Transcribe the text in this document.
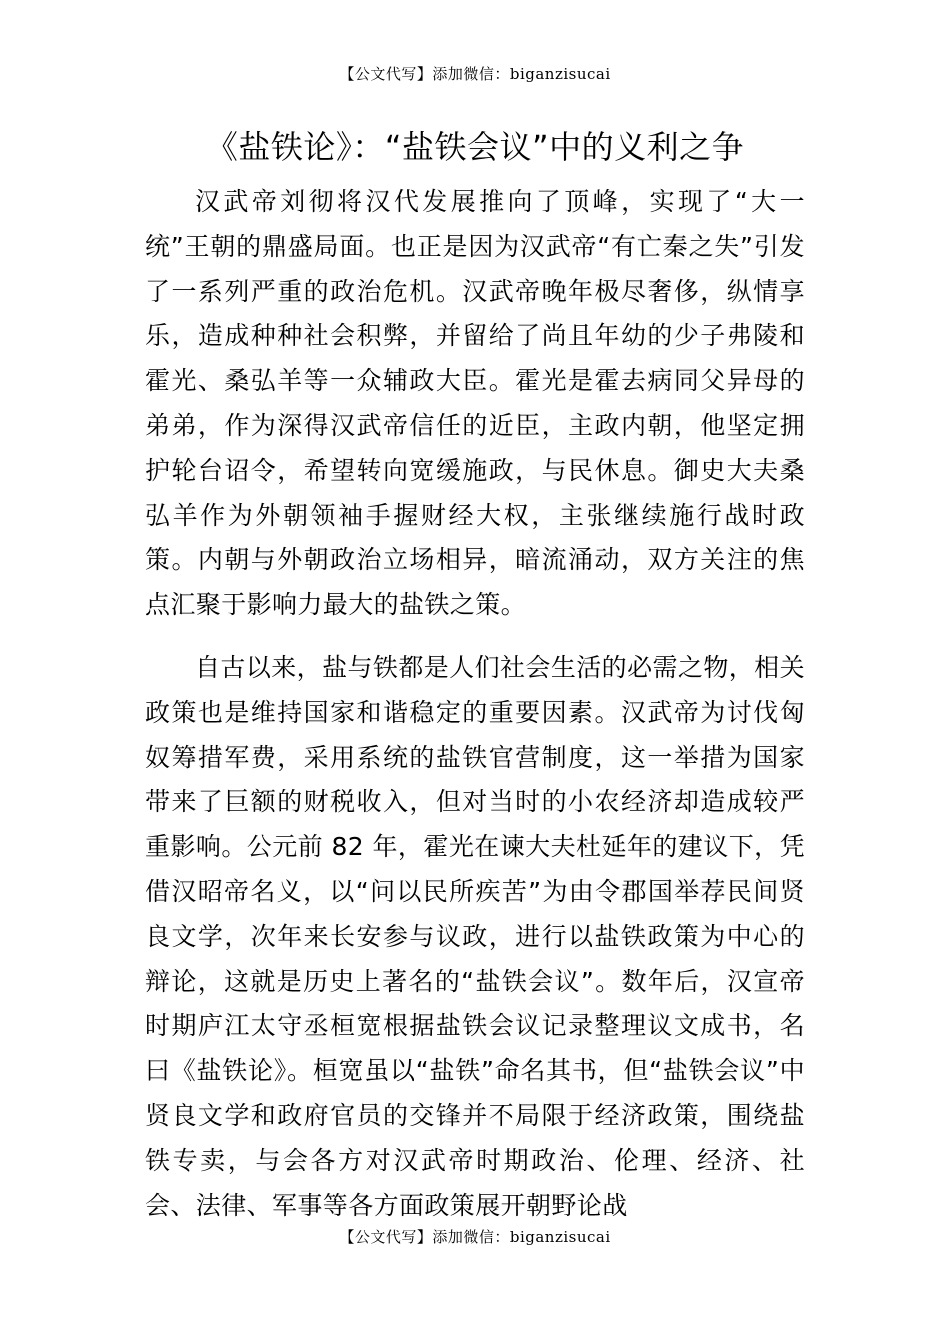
【公文代写】添加微信：biganzisucai
《盐铁论》：“盐铁会议”中的义利之争

汉武帝刘彻将汉代发展推向了顶峰，实现了“大一统”王朝的鼎盛局面。也正是因为汉武帝“有亡秦之失”引发了一系列严重的政治危机。汉武帝晚年极尽奢侈，纵情享乐，造成种种社会积弊，并留给了尚且年幼的少子弗陵和霍光、桑弘羊等一众辅政大臣。霍光是霍去病同父异母的弟弟，作为深得汉武帝信任的近臣，主政内朝，他坚定拥护轮台诏令，希望转向宽缓施政，与民休息。御史大夫桑弘羊作为外朝领袖手握财经大权，主张继续施行战时政策。内朝与外朝政治立场相异，暗流涌动，双方关注的焦点汇聚于影响力最大的盐铁之策。

自古以来，盐与铁都是人们社会生活的必需之物，相关政策也是维持国家和谐稳定的重要因素。汉武帝为讨伐匈奴筹措军费，采用系统的盐铁官营制度，这一举措为国家带来了巨额的财税收入，但对当时的小农经济却造成较严重影响。公元前 82 年，霍光在谏大夫杜延年的建议下，凭借汉昭帝名义，以“问以民所疾苦”为由令郡国举荐民间贤良文学，次年来长安参与议政，进行以盐铁政策为中心的辩论，这就是历史上著名的“盐铁会议”。数年后，汉宣帝时期庐江太守丞桓宽根据盐铁会议记录整理议文成书，名曰《盐铁论》。桓宽虽以“盐铁”命名其书，但“盐铁会议”中贤良文学和政府官员的交锋并不局限于经济政策，围绕盐铁专卖，与会各方对汉武帝时期政治、伦理、经济、社会、法律、军事等各方面政策展开朝野论战

【公文代写】添加微信：biganzisucai
